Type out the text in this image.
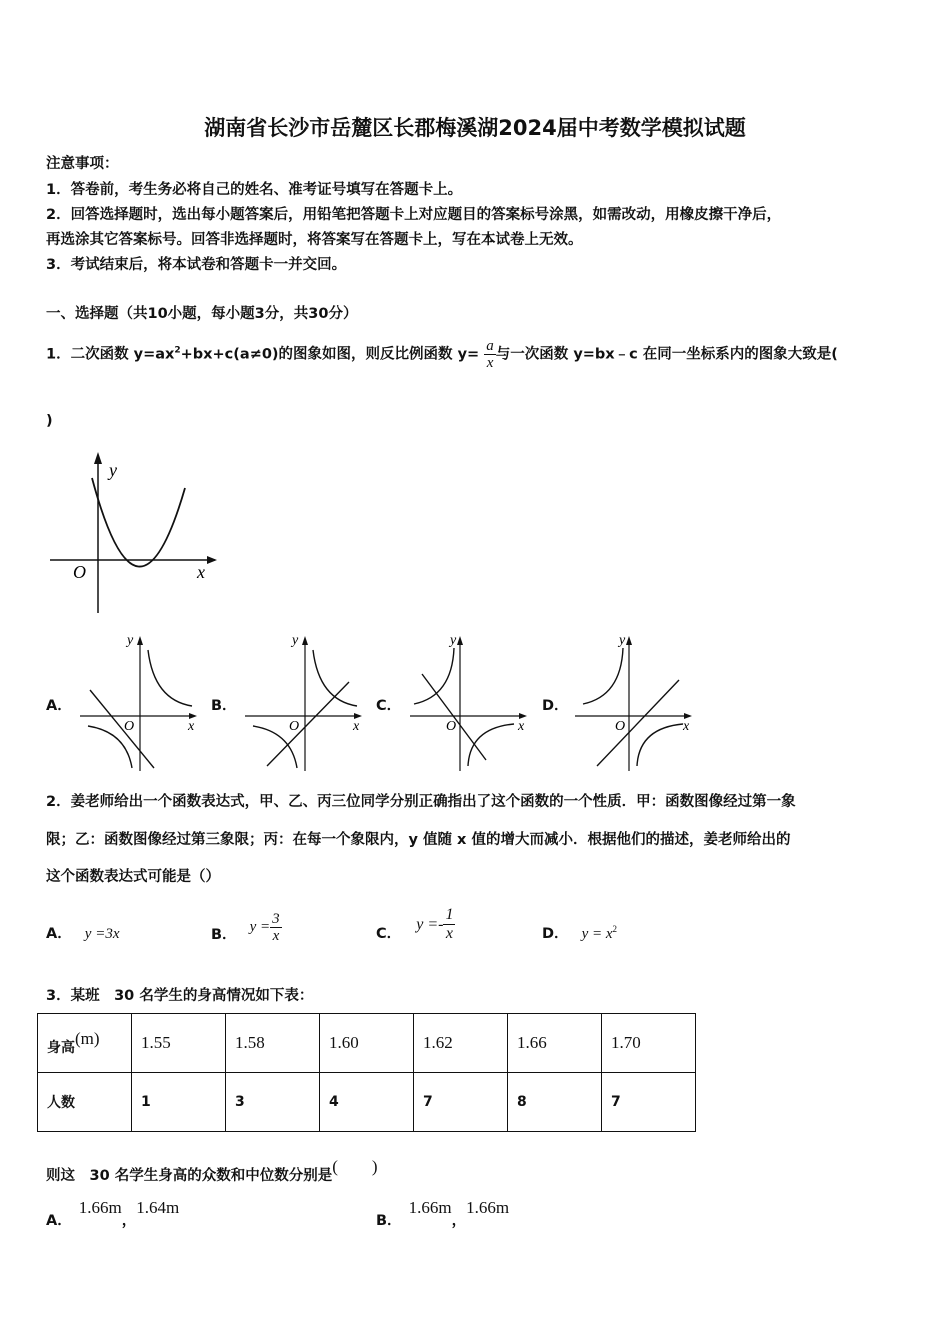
湖南省长沙市岳麓区长郡梅溪湖2024届中考数学模拟试题
注意事项：
1．答卷前，考生务必将自己的姓名、准考证号填写在答题卡上。
2．回答选择题时，选出每小题答案后，用铅笔把答题卡上对应题目的答案标号涂黑，如需改动，用橡皮擦干净后，
再选涂其它答案标号。回答非选择题时，将答案写在答题卡上，写在本试卷上无效。
3．考试结束后，将本试卷和答题卡一并交回。
一、选择题（共10小题，每小题3分，共30分）
1．二次函数 $y=ax^2+bx+c(a\ne 0)$的图象如图，则反比例函数 $y= \frac{a}{x}$ 与一次函数 y=bx﹣c 在同一坐标系内的图象大致是(
)
y
x
O
A．
y
x
O
B．
y
x
O
C．
y
x
O
D．
y
x
O
2．姜老师给出一个函数表达式，甲、乙、丙三位同学分别正确指出了这个函数的一个性质．甲：函数图像经过第一象
限；乙：函数图像经过第三象限；丙：在每一个象限内，y 值随 x 值的增大而减小．根据他们的描述，姜老师给出的
这个函数表达式可能是（）
A． y =3x	B． $y = \frac{3}{x}$	C． $y =- \frac{1}{x}$	D． $y = x^2$
3．某班　30 名学生的身高情况如下表：
身高(m)	1.55	1.58	1.60	1.62	1.66	1.70
人数	1	3	4	7	8	7
则这　30 名学生身高的众数和中位数分别是(　　)
A． 1.66m，1.64m
B． 1.66m，1.66m
